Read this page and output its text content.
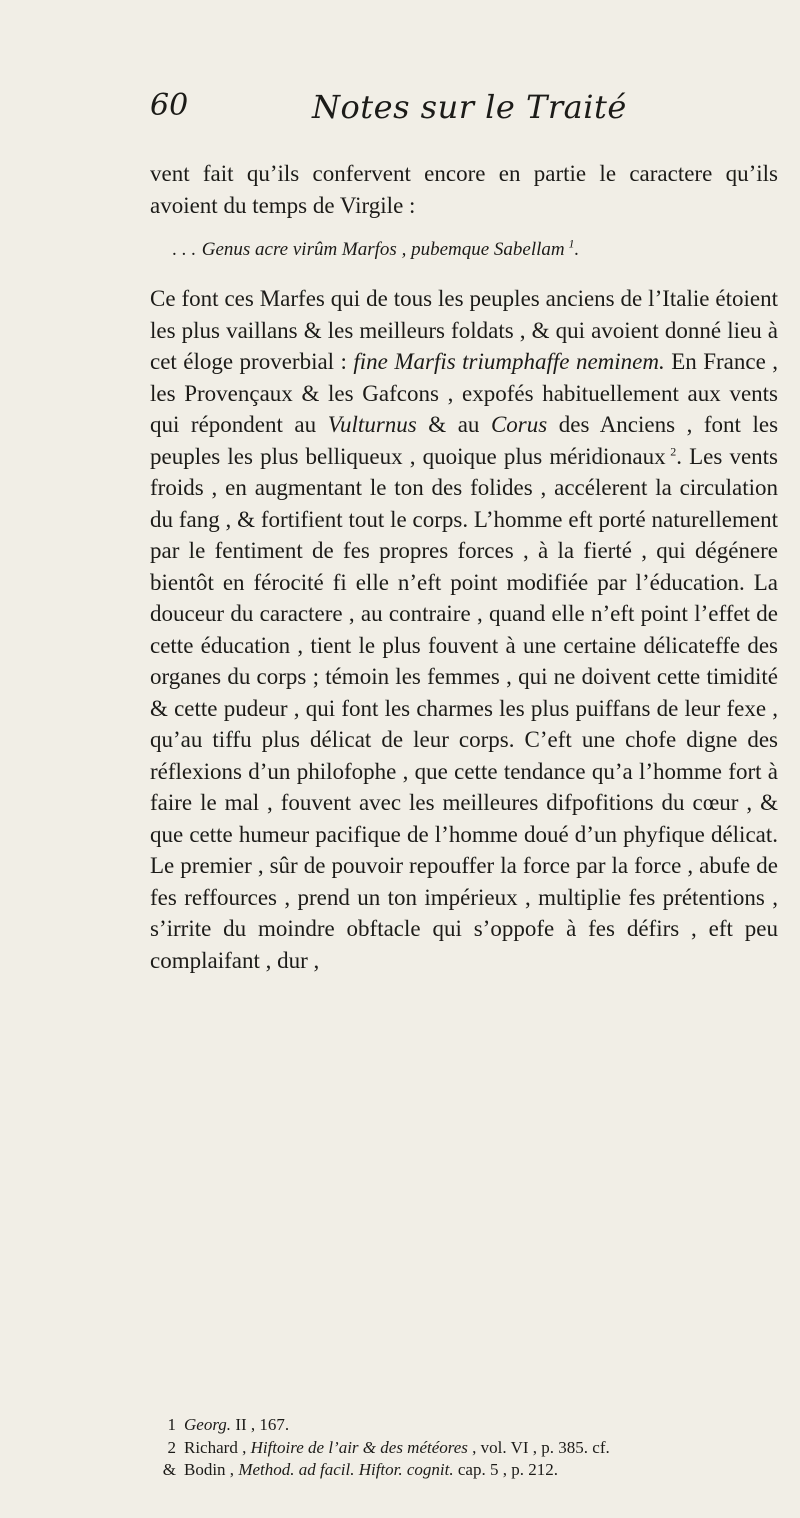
60	Notes sur le Traité

vent fait qu’ils confervent encore en partie le caractere qu’ils avoient du temps de Virgile :

. . . Genus acre virûm Marfos , pubemque Sabellam  $^1$.

Ce font ces Marfes qui de tous les peuples anciens de l’Italie étoient les plus vaillans & les meilleurs foldats , & qui avoient donné lieu à cet éloge proverbial : fine Marfis triumphaffe neminem. En France , les Provençaux & les Gafcons , expofés habituellement aux vents qui répondent au Vulturnus & au Corus des Anciens , font les peuples les plus belliqueux , quoique plus méridionaux  $^2$. Les vents froids , en augmentant le ton des folides , accélerent la circulation du fang , & fortifient tout le corps. L’homme eft porté naturellement par le fentiment de fes propres forces , à la fierté , qui dégénere bientôt en férocité fi elle n’eft point modifiée par l’éducation. La douceur du caractere , au contraire , quand elle n’eft point l’effet de cette éducation , tient le plus fouvent à une certaine délicateffe des organes du corps ; témoin les femmes , qui ne doivent cette timidité & cette pudeur , qui font les charmes les plus puiffans de leur fexe , qu’au tiffu plus délicat de leur corps. C’eft une chofe digne des réflexions d’un philofophe , que cette tendance qu’a l’homme fort à faire le mal , fouvent avec les meilleures difpofitions du cœur , & que cette humeur pacifique de l’homme doué d’un phyfique délicat. Le premier , sûr de pouvoir repouffer la force par la force , abufe de fes reffources , prend un ton impérieux , multiplie fes prétentions , s’irrite du moindre obftacle qui s’oppofe à fes défirs , eft peu complaifant , dur ,

1 Georg. II , 167.
2 Richard , Hiftoire de l’air & des météores , vol. VI , p. 385. cf.
& Bodin , Method. ad facil. Hiftor. cognit. cap. 5 , p. 212.
